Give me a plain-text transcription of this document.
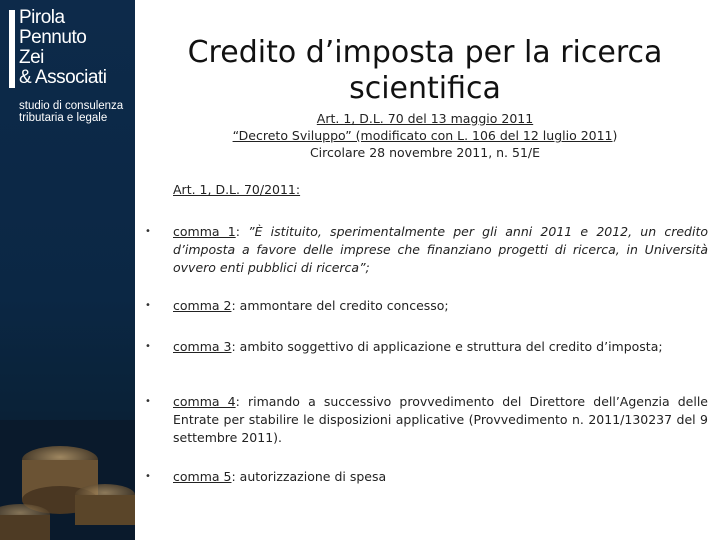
Pirola
Pennuto
Zei
& Associati
studio di consulenza
tributaria e legale
Credito d’imposta per la ricerca scientifica
Art. 1, D.L. 70 del 13 maggio 2011
“Decreto Sviluppo” (modificato con L. 106 del 12 luglio 2011)
Circolare 28 novembre 2011, n. 51/E
Art. 1, D.L. 70/2011:
•	comma 1: ”È istituito, sperimentalmente per gli anni 2011 e 2012, un credito d’imposta a favore delle imprese che finanziano progetti di ricerca, in Università ovvero enti pubblici di ricerca”;
•	comma 2: ammontare del credito concesso;
•	comma 3: ambito soggettivo di applicazione e struttura del credito d’imposta;
•	comma 4: rimando a successivo provvedimento del Direttore dell’Agenzia delle Entrate per stabilire le disposizioni applicative (Provvedimento n. 2011/130237 del 9 settembre 2011).
•	comma 5: autorizzazione di spesa
